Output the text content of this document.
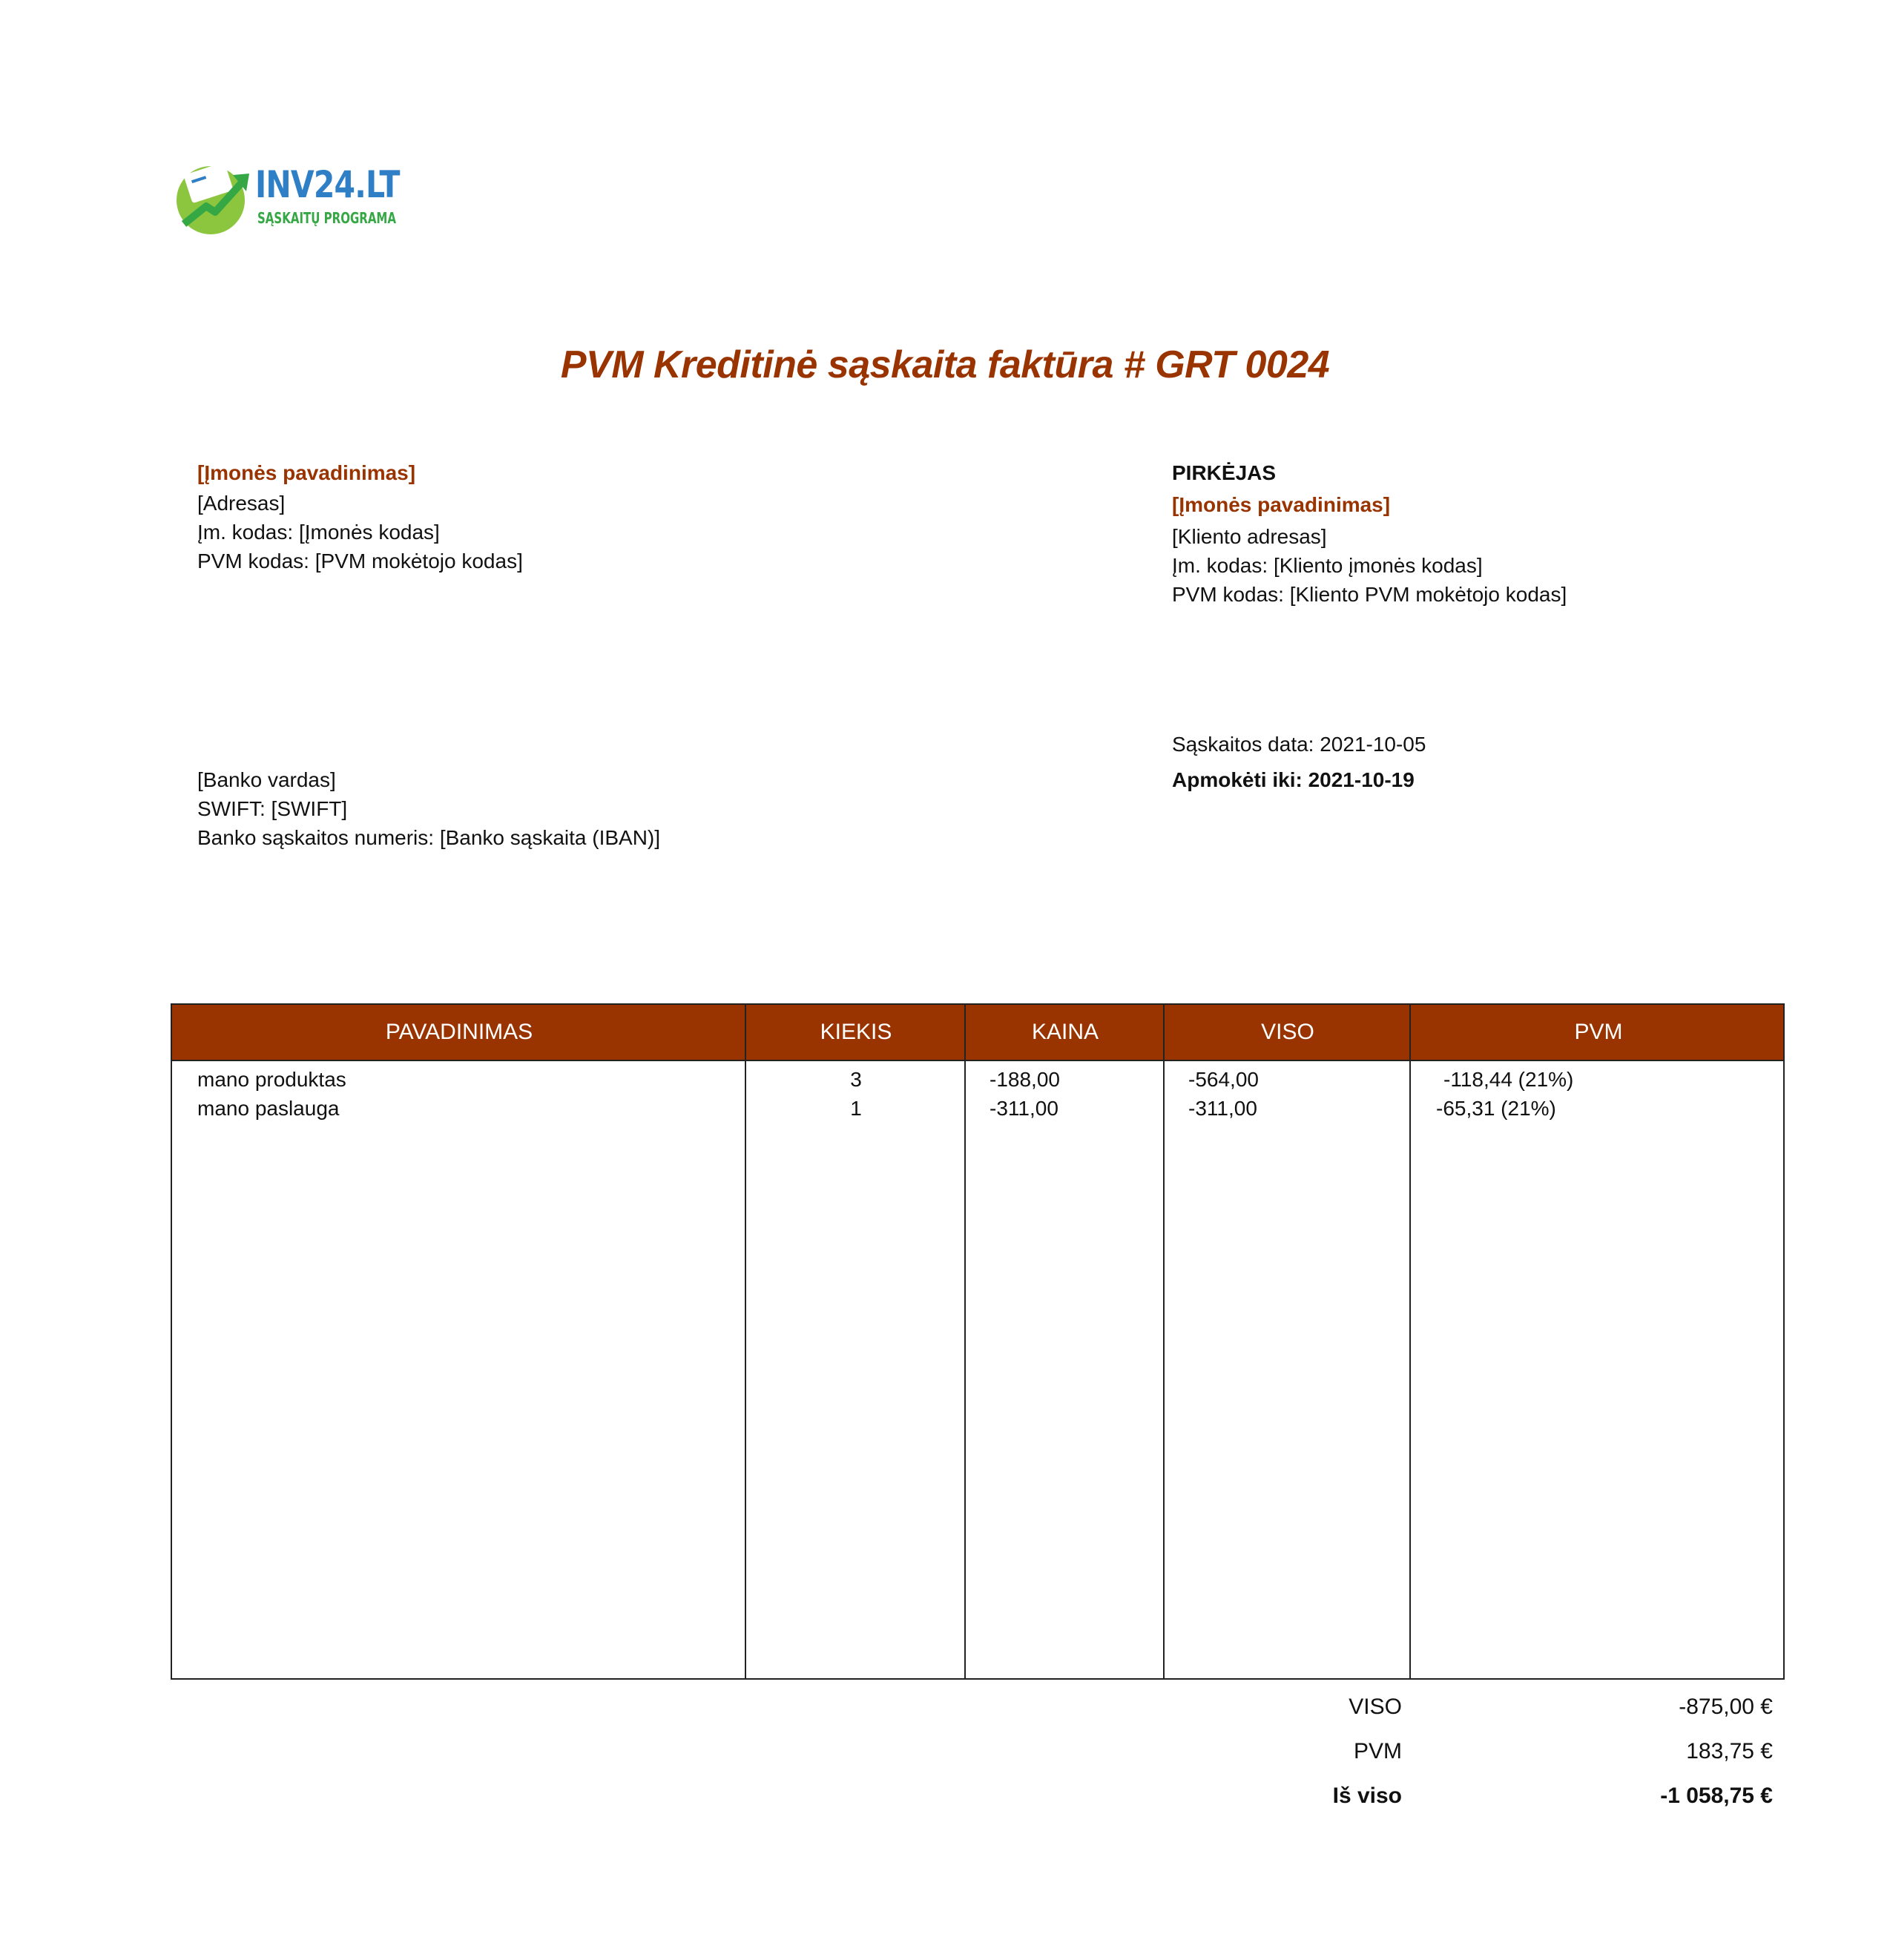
INV24.LT
SĄSKAITŲ PROGRAMA
PVM Kreditinė sąskaita faktūra # GRT 0024
[Įmonės pavadinimas]
[Adresas]
Įm. kodas: [Įmonės kodas]
PVM kodas: [PVM mokėtojo kodas]
PIRKĖJAS
[Įmonės pavadinimas]
[Kliento adresas]
Įm. kodas: [Kliento įmonės kodas]
PVM kodas: [Kliento PVM mokėtojo kodas]
Sąskaitos data: 2021-10-05
Apmokėti iki: 2021-10-19
[Banko vardas]
SWIFT: [SWIFT]
Banko sąskaitos numeris: [Banko sąskaita (IBAN)]
PAVADINIMAS	KIEKIS	KAINA	VISO	PVM
mano produktas	3	-188,00	-564,00	-118,44 (21%)
mano paslauga	1	-311,00	-311,00	-65,31 (21%)
VISO	-875,00 €
PVM	183,75 €
Iš viso	-1 058,75 €
